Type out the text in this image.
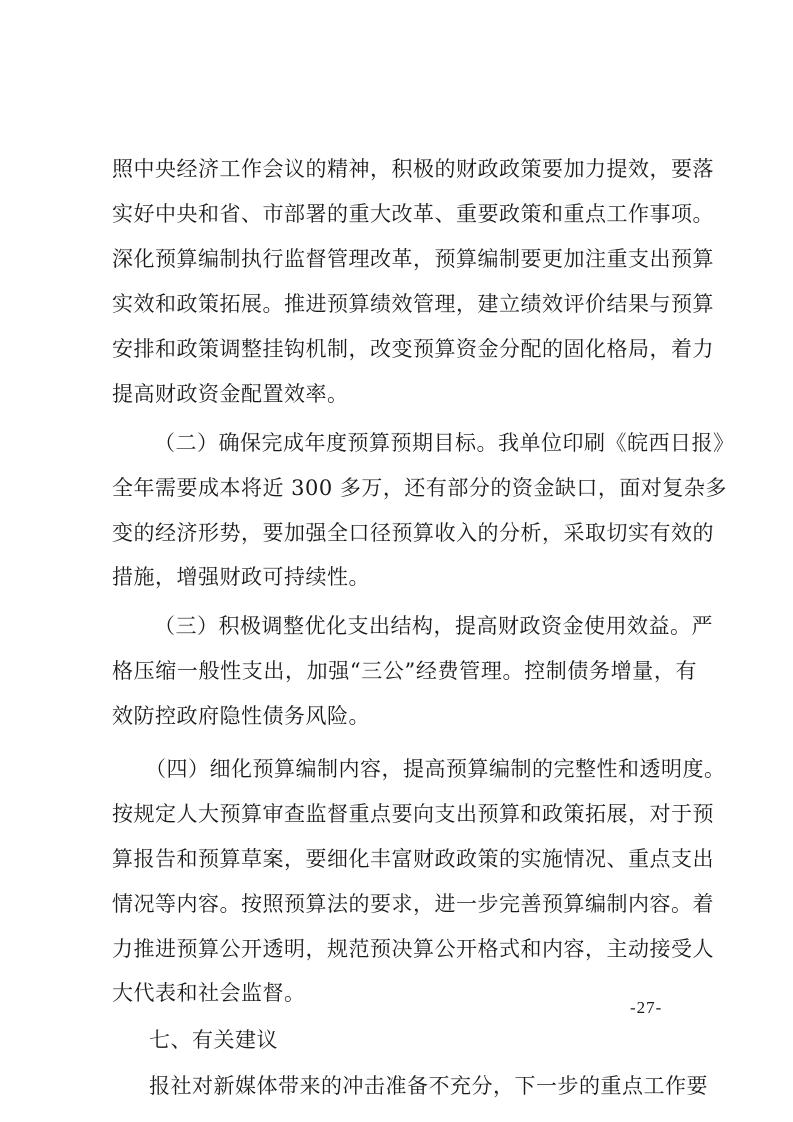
照中央经济工作会议的精神，积极的财政政策要加力提效，要落
实好中央和省、市部署的重大改革、重要政策和重点工作事项。
深化预算编制执行监督管理改革，预算编制要更加注重支出预算
实效和政策拓展。推进预算绩效管理，建立绩效评价结果与预算
安排和政策调整挂钩机制，改变预算资金分配的固化格局，着力
提高财政资金配置效率。
（二）确保完成年度预算预期目标。我单位印刷《皖西日报》
全年需要成本将近 300 多万，还有部分的资金缺口，面对复杂多
变的经济形势，要加强全口径预算收入的分析，采取切实有效的
措施，增强财政可持续性。
（三）积极调整优化支出结构，提高财政资金使用效益。严
格压缩一般性支出，加强“三公”经费管理。控制债务增量，有
效防控政府隐性债务风险。
（四）细化预算编制内容，提高预算编制的完整性和透明度。
按规定人大预算审查监督重点要向支出预算和政策拓展，对于预
算报告和预算草案，要细化丰富财政政策的实施情况、重点支出
情况等内容。按照预算法的要求，进一步完善预算编制内容。着
力推进预算公开透明，规范预决算公开格式和内容，主动接受人
大代表和社会监督。
七、有关建议
报社对新媒体带来的冲击准备不充分，下一步的重点工作要
-27-
